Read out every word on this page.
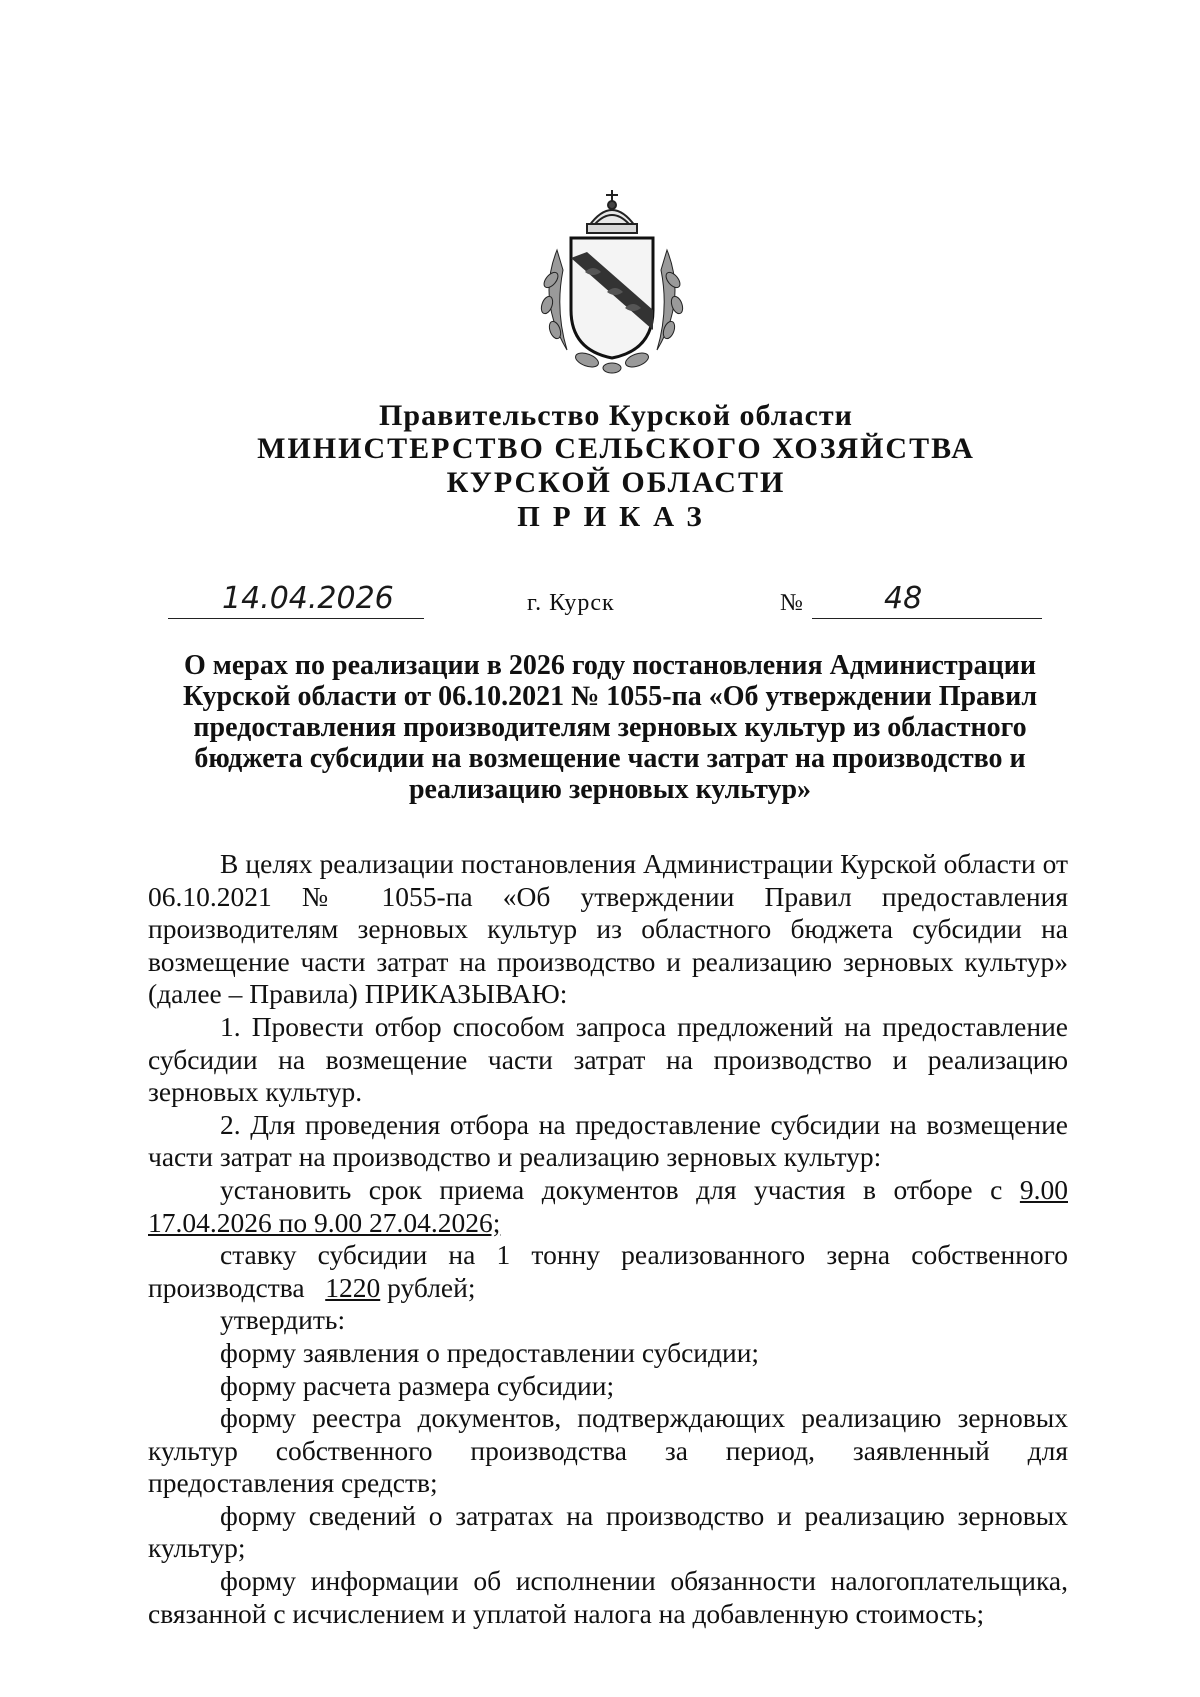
Правительство Курской области
МИНИСТЕРСТВО СЕЛЬСКОГО ХОЗЯЙСТВА
КУРСКОЙ ОБЛАСТИ
ПРИКАЗ
14.04.2026	г. Курск	№	48
О мерах по реализации в 2026 году постановления Администрации Курской области от 06.10.2021 № 1055-па «Об утверждении Правил предоставления производителям зерновых культур из областного бюджета субсидии на возмещение части затрат на производство и реализацию зерновых культур»

В целях реализации постановления Администрации Курской области от 06.10.2021 № 1055-па «Об утверждении Правил предоставления производителям зерновых культур из областного бюджета субсидии на возмещение части затрат на производство и реализацию зерновых культур» (далее – Правила) ПРИКАЗЫВАЮ:

1. Провести отбор способом запроса предложений на предоставление субсидии на возмещение части затрат на производство и реализацию зерновых культур.

2. Для проведения отбора на предоставление субсидии на возмещение части затрат на производство и реализацию зерновых культур:

установить срок приема документов для участия в отборе с 9.00 17.04.2026 по 9.00 27.04.2026;

ставку субсидии на 1 тонну реализованного зерна собственного производства 1220 рублей;

утвердить:

форму заявления о предоставлении субсидии;

форму расчета размера субсидии;

форму реестра документов, подтверждающих реализацию зерновых культур собственного производства за период, заявленный для предоставления средств;

форму сведений о затратах на производство и реализацию зерновых культур;

форму информации об исполнении обязанности налогоплательщика, связанной с исчислением и уплатой налога на добавленную стоимость;
